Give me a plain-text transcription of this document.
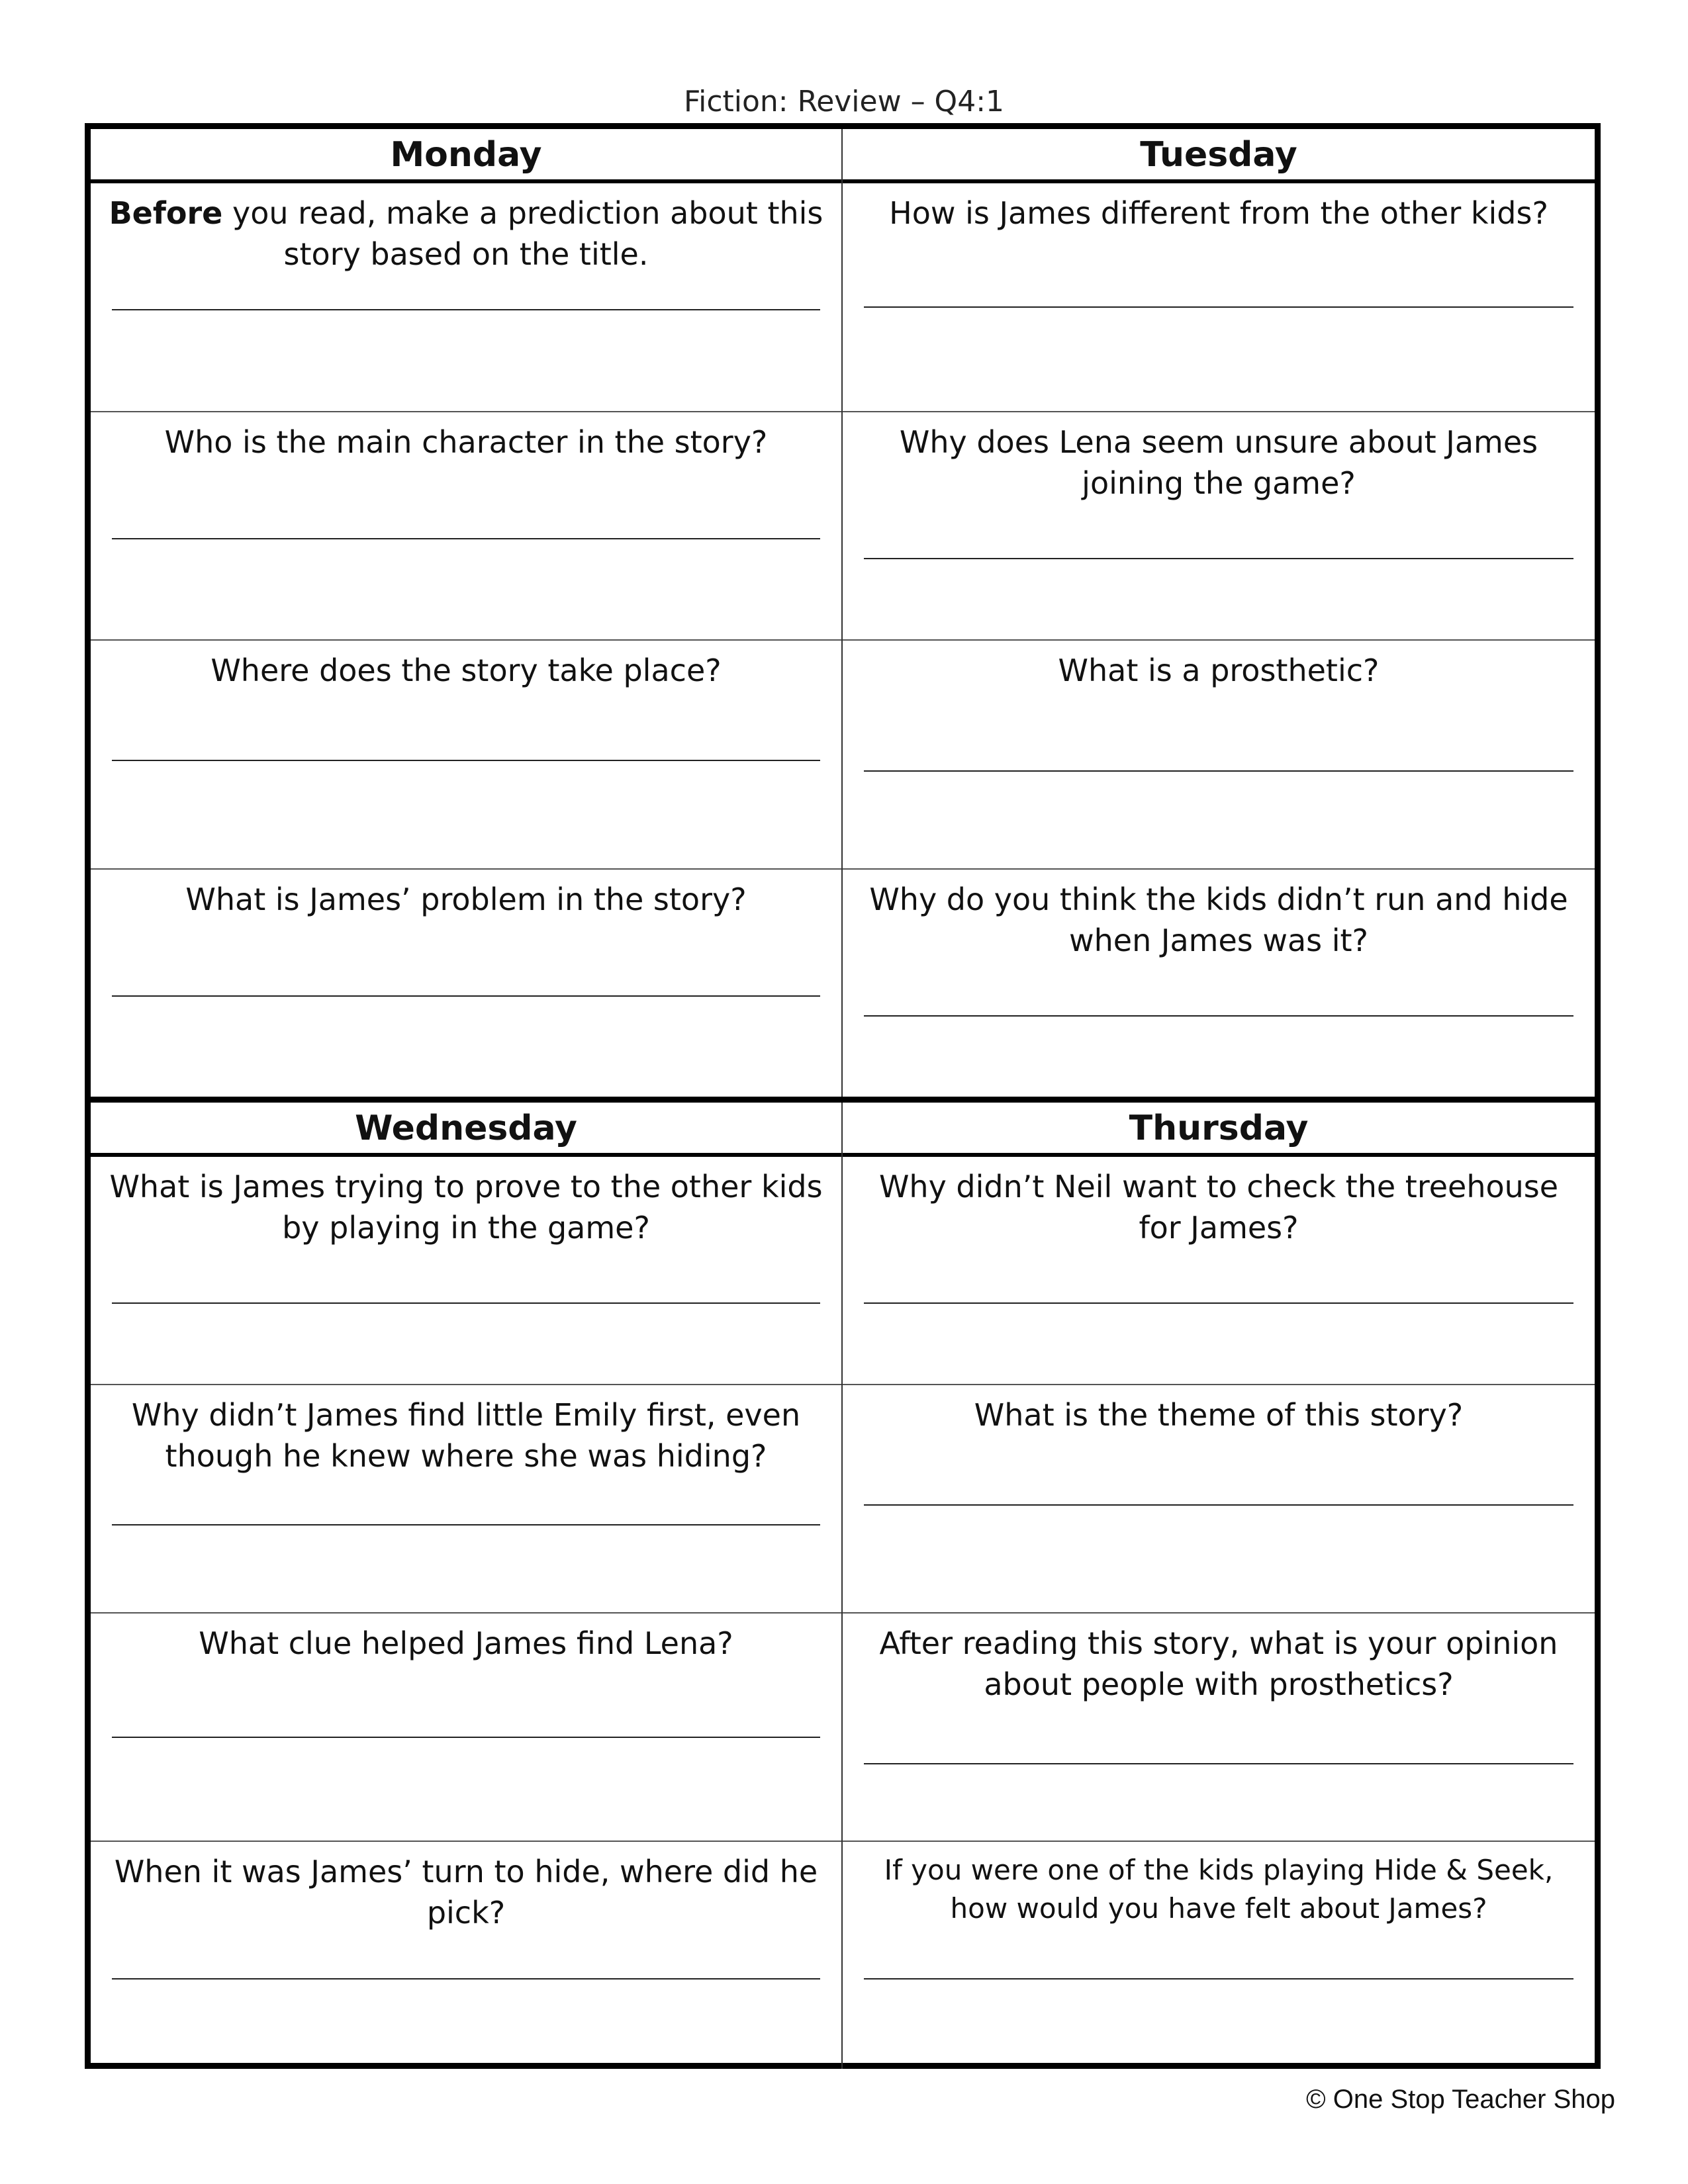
Fiction: Review – Q4:1
Monday
Before you read, make a prediction about this story based on the title.
Who is the main character in the story?
Where does the story take place?
What is James’ problem in the story?
Tuesday
How is James different from the other kids?
Why does Lena seem unsure about James joining the game?
What is a prosthetic?
Why do you think the kids didn’t run and hide when James was it?
Wednesday
What is James trying to prove to the other kids by playing in the game?
Why didn’t James find little Emily first, even though he knew where she was hiding?
What clue helped James find Lena?
When it was James’ turn to hide, where did he pick?
Thursday
Why didn’t Neil want to check the treehouse for James?
What is the theme of this story?
After reading this story, what is your opinion about people with prosthetics?
If you were one of the kids playing Hide & Seek, how would you have felt about James?
© One Stop Teacher Shop
